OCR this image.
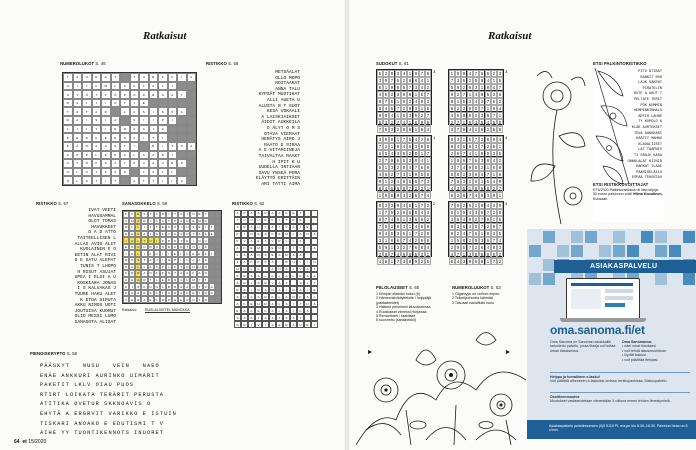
Ratkaisut	Ratkaisut
NUMEROLUKOT S. 46
T	A	H	R	A	T	T	U	R	K	K	I	A
O	I	Y	U	M	L	A	U	T	A	L	I
S	Y	Ö	T	T	Ö	P	O	R	R	A	A	T
R	A	I	T	I	O	T	I	E
T	A	T	A	R	L	U	S	I	K	K	A
R	A	I	S	I	A	S	I	I	P	I
L	I	I	T	I	N	R	A	A	I	A
P	E	R	H	E	E	N	Ä	I	T	I
P	Ä	R	A	A	S	T	I	R	I	T	U	A
A	P	P	L	E	P	A	L	A	A	S	I
H	Y	Ö	K	K	Ä	Y	S	V	A	U	R	S
O	L	U	T	K	A	S	L	A	L	L
S	L	A	T	I	T	A	T	T	I	L	A
RISTIKKO S. 56
METSÄALAT
OLLO MOPO
NOITAAKAT
ANNA TALU
KYPSÄT MUSTIKAT
ALLI AUETA U
ALUSTA R T SUOT
KESÄ VOKAALI
A LAISKIAIKSET
ÄIDIT AUKKEILA
O ÄLYT O M S
OTAVA VIERAAT
HERÄTYS AIRO J
RAATO E SIRAA
A E VITAMIINEJA
TAIVALTAA RAAKT
H IPIT K U
UUDELLA INTIAAN
SAVU YNSEÄ PORA
ELÄYTYÖ ERITTÄIN
ARI TATTI AIMA
RISTIKKO S. 57
IVAT VEETI
HAVUSAMMAL
OLOT TOMAS
HAVUKKEET
D A D ATTO
TAITEELLISEN L
ALLAS AVIO ALIT
KUOLAINEN E O
EETIN ALAT RIVI
O E SATU ALEPAT
TUNIS T LHOPO
H RISUT ASUJAT
UPEA I ELSI A U
KOSKIARA JONAS
I S KALVAKAS J
TUURE HAKU ALET
K ETOA SIPUTA
AKKU NIMOS UOTI
JOUTUISA KUOMUT
OLIO MESSI LUMO
SANASOTA ALISAT
SANASOKKELO S. 59
K	F	E	S	T	A	R	I	T	U	I	N	E	Y
T	M	A	R	J	A	U	T	P	A	N	E	M	O
M	L	L	I	T	T	E	K	U	I	U	S	E	I	T
H	H	A	A	L	S	K	Y	A	U	N	T	A	S	E
I	A	L	T	U	I	P	P	O	T	E	I	O	U
E	N	U	O	R	U	N	R	A	H	T	N	I	S
I	P	L	I	K	O	I	I	E	L	F	E	E	S	I
R	S	S	T	A	J	I	H	P	L	L	A	A	S
P	H	L	L	A	S	P	L	P	T	O	N	U	N
K	R	R	A	N	A	K	N	T	A	A	K	A	N
U	E	G	R	T	L	E	R	N	U	U	M	Y	T
O	I	R	K	U	N	L	B	R	A	A	O	T	U	A
P	N	E	R	S	K	T	A	R	A	K	E	T	N	O
T	E	R	A	E	K	R	P	H	E	N	N	T	N
Ratkaisu: RUSLALIVETEL MANGKKA
RISTIKKO S. 62
A	P	A	A	P	A	A	K	E	T
T	U	U	U	E	K	I	T	R	E
S	R	A	U	Y	Ä	I	V	A	I	E
P	I	N	E	S	K	E	M	L	A	N	A
K	V	A	E	A	V	R	L	L	A
A	K	E	M	I	E	N	I	I	V	I	A
L	S	Ä	N	S	E	A	M	A	A
J	A	K	K	S	Ä	B	U	L	I	N
H	U	L	L	I	A	N	A	I	V	A	T
P	R	S	A	L	K	L	A	L	K	A	A
Ä	R	I	S	E	V	Ä	T	S	I	T
R	A	I	D	A	O	A	I	D	Ä	I	E
S	U	Ä	A	R	K	L	A	N	K	A	L
A	K	E	H	R	A	L	S	I	T	H	Ä
R	A	K	E	K	A	L	A	I	K	Ä
S	A	A	J	A	A	T	A	A	T
O	R	I	V	I	S	E	R	A	U	R	I
PIENOISKRYPTO S. 58
PÄÄSKYT   NUSU   VEIN   NAEO
ENÄE ANKKURI AURINKO UIMARIT
PAKETIT LKLV OIAU PUOS
RTIRT LOIKATA TERÄRIT PERUSTA
ATITIKA OVETUR SKKNOAVIS O
EHYTÄ A ERGRVIT VARIKKO E ISTUIN
TISKARI ANOAKO E EDUTISMI T V
AIHE YY TUONTIKENNOTS INUORET
64 et 15/2020
SUDOKUT S. 61
5 2 8 3 4 1 9 7 6
3 9 7 5 2 6 8 4 1
6 1 9 8 5 7 3 4 2
4 6 2 3 9 8 1 5 7
8 7 5 1 6 2 4 9 3
8 4 6 7 2 9 3 1 5
9 8 4 1 5 3 6 2 7
5 3 2 7 4 1 6 8 9
7 5 3 2 8 6 1 9 4
3	1 8 9 4 7 5 6 2 3
7 3 6 2 8 9 4 1 5
5 9 2 6 3 1 8 4 7
9 2 7 1 4 8 5 3 6
8 1 5 3 4 2 7 6 2
6 2 3 8 5 7 1 9 4
4 6 8 5 2 3 9 7 1
2 7 1 9 3 6 4 5 8
3 7 9 4 1 6 2 5 8
3
3 9 8 1 7 5 4 2 6
7 2 1 8 4 6 3 9 5
6 5 4 3 9 2 8 1 7
2 7 9 6 5 3 8 4 1
5 1 3 2 8 4 7 6 9
4 6 2 7 3 1 9 5 8
8 1 2 4 9 5 6 7 3
9 4 5 6 8 7 2 3 1
1 8 6 9 3 2 5 7 4
1	8 3 1 5 7 2 6 9 4
9 4 6 8 3 7 2 5 1
2 6 7 4 1 8 9 3 5
1 5 9 7 6 3 8 4 2
3 7 4 9 5 2 1 6 8
5 8 2 3 9 4 7 1 6
7 9 3 2 6 1 5 4 8
4 3 5 1 8 6 9 2 7
6 2 8 7 4 9 3 8 1
4
6 2 3 9 4 5 1 7 2
1 7 9 2 6 5 8 4 3
8 7 4 5 1 3 6 9 2
7 5 2 8 3 1 4 6 9
9 4 5 3 6 1 7 2 8
3 1 8 6 7 4 2 9 5
5 9 1 3 2 7 6 8 4
2 8 7 4 9 6 5 3 1
4 6 1 7 3 8 9 2 5
2	7 8 2 5 1 9 4 3 6
5 1 9 4 3 6 7 2 8
3 6 4 8 2 7 9 1 5
8 3 6 4 5 7 2 9 7
9 2 4 7 6 1 8 3 5
1 5 8 2 9 3 6 7 4
2 9 5 7 2 6 4 8 3
4 7 1 3 8 5 9 6 2
6 4 3 9 5 8 1 7 2
3
ETSI PALKINTORISTIKKO
PITO NTIRAT
RANKIT ROH
LÄJK SÄKENT
PIRATELIN
KUTE A AKUT T
PELTATE TERIT
PÖK KUMMIN
HEMPENKINNALS
ARTIS LAUNE
TY KOPOLO K
KLAR AURTEKSET
TEVA SANKKARI
EÄÄTIY MAHNU
KLAOALIJSET
LAT TAAPNIV
TI SRAJU KASA
ONNKLALAT NIINIR
KARKAT ILAAE
PÄÄRISELÄILU
ESPÄÄ TEKOSTAU
ETSI RISTIKKOVOITTAJAT
ET6/2020 Palkintoristikkoa oli liian kirjoja. 50 euron palkinnon voitti Hilma Knuutinen, Kuusaari.
PIILOLAUSEET S. 60
1 Kilinpiin elämäni kuluu (6)
2 Hämeenkivikäyttelulle / huippiäjä (paidaaneidet)
3 Haisent pelorineni lauvokseessa
4 Ruokkaiset viimeksi Horjaissa
5 Remontoimi / taakitsee
6 suunneltu (sanalnekkö)
NUMEROLUUKOT S. 63
1 Olgamyyn on verhon-eepeo
2 Telkeiljechoolia kähmää
3 Tasuaali vaeaiflutin Isuiu
ASIAKASPALVELU
oma.sanoma.fi/et
Oma Sanoma on Sanoman asiakkaille tarkoitettu palvelu, jossa tilaaja voi hoitaa oman tilauksensa.
Oma Sanomassa:
• näet omat tilauksesi
• voit tehdä tilausmuutoksia
• löydät laskusi
• voit päivittää tietojasi
Helppo ja turvallinen e-lasku!
Voit päättää aiheeseen e-laskuiksi omissa verkkopankissa. Maksupalvelu.
Osoitteenmuutos
Muutokset vastaanotetaan viimeistään 3 viikkoa ennen lehden ilmestymistä.
Asiakaspalvelu puhelinnumero (0)9 5110 PL ma-pe klo 8.30–16.30. Palvelun hinta on 8 c/min.
